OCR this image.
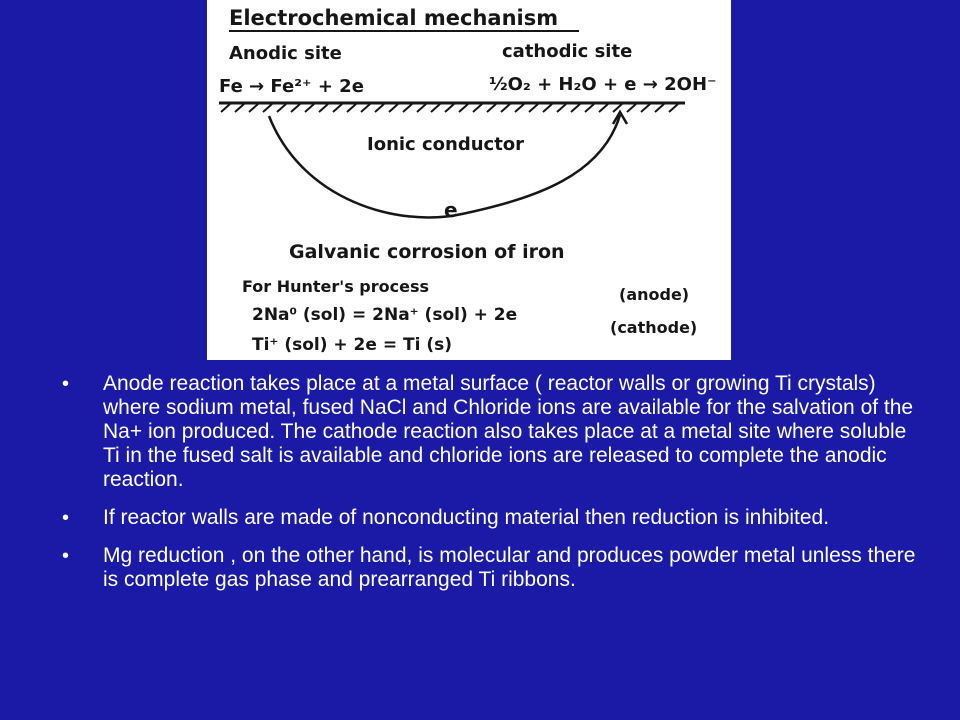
Electrochemical mechanism
Anodic site	cathodic site
Fe → Fe²⁺ + 2e	½O₂ + H₂O + e → 2OH⁻
Ionic conductor
e
Galvanic corrosion of iron
For Hunter's process
2Na⁰ (sol) = 2Na⁺ (sol) + 2e
(anode)
Ti⁺ (sol) + 2e = Ti (s)
(cathode)
• Anode reaction takes place at a metal surface ( reactor walls or growing Ti crystals) where sodium metal, fused NaCl and Chloride ions are available for the salvation of the Na+ ion produced. The cathode reaction also takes place at a metal site where soluble Ti in the fused salt is available and chloride ions are released to complete the anodic reaction.
• If reactor walls are made of nonconducting material then reduction is inhibited.
• Mg reduction , on the other hand, is molecular and produces powder metal unless there is complete gas phase and prearranged Ti ribbons.
